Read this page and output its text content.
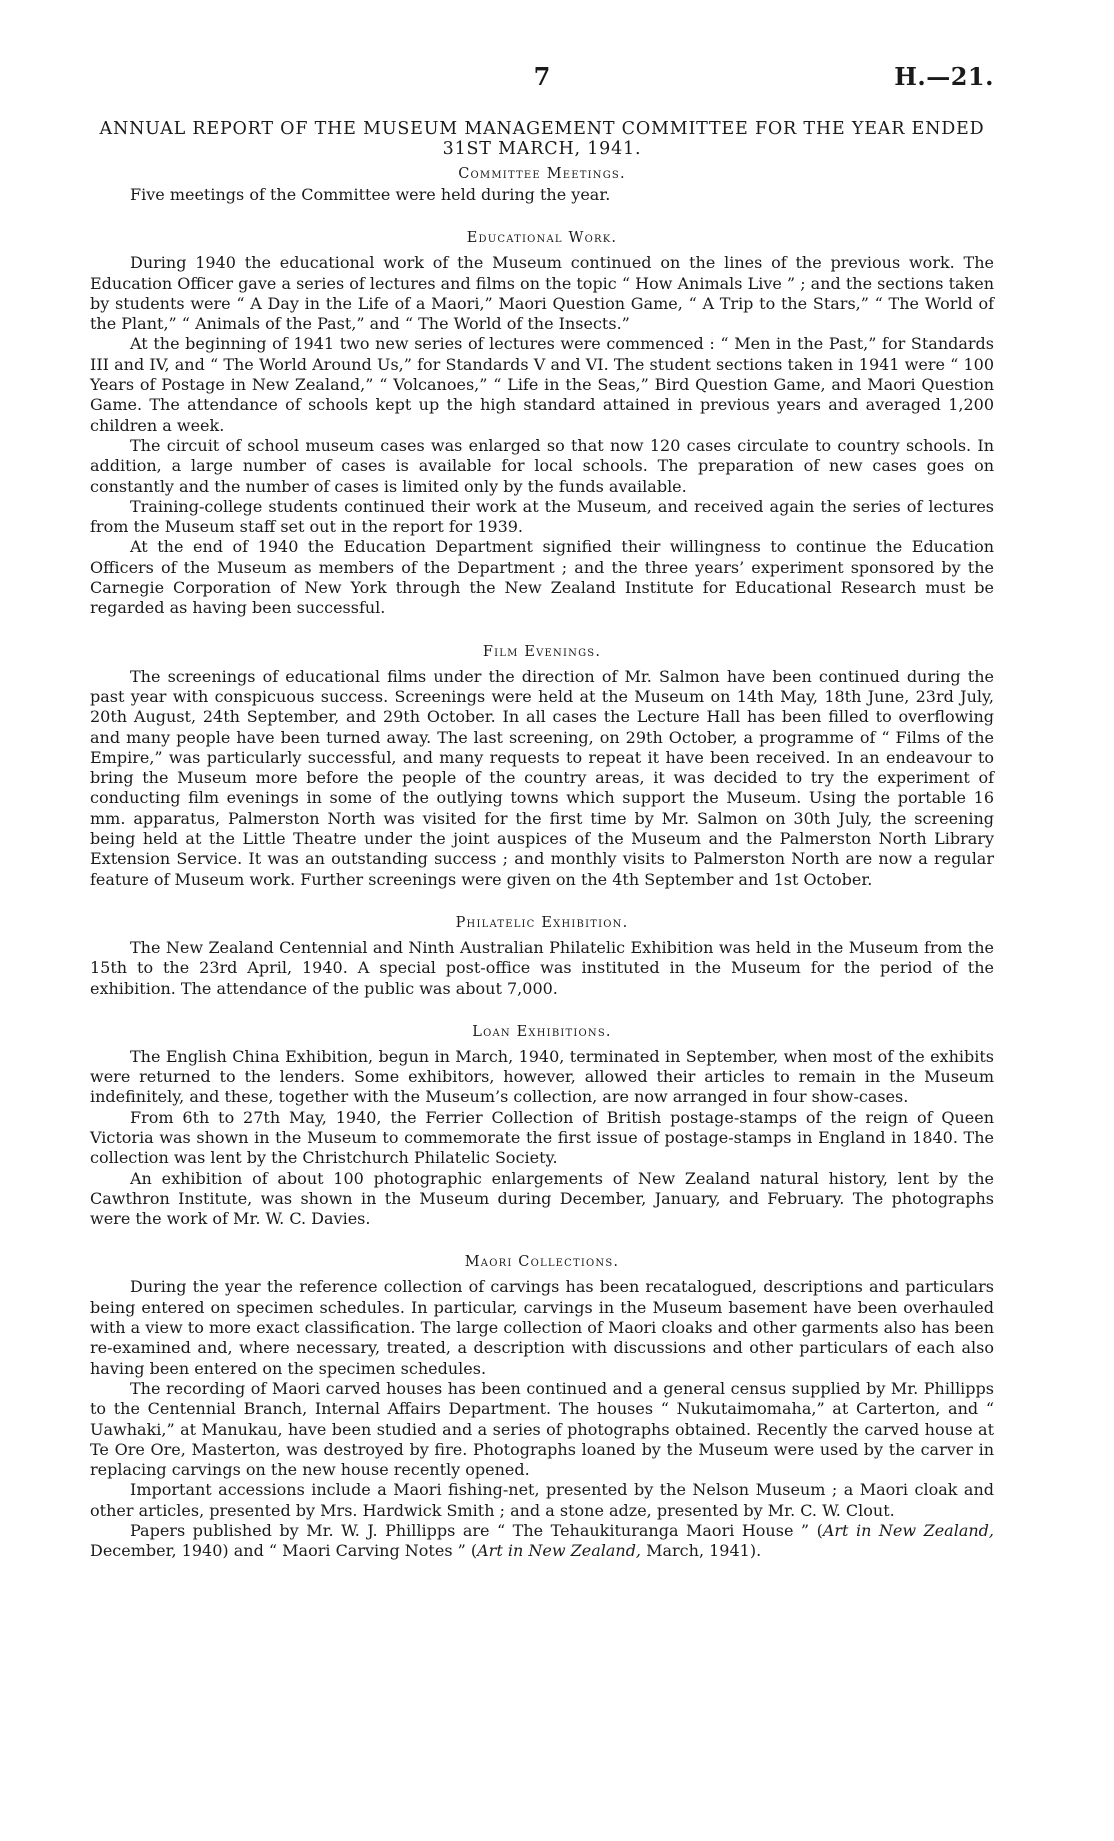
7	H.—21.
ANNUAL REPORT OF THE MUSEUM MANAGEMENT COMMITTEE FOR THE YEAR ENDED
31ST MARCH, 1941.
Committee Meetings.

Five meetings of the Committee were held during the year.

Educational Work.

During 1940 the educational work of the Museum continued on the lines of the previous work. The Education Officer gave a series of lectures and films on the topic “ How Animals Live ” ; and the sections taken by students were “ A Day in the Life of a Maori,” Maori Question Game, “ A Trip to the Stars,” “ The World of the Plant,” “ Animals of the Past,” and “ The World of the Insects.”

At the beginning of 1941 two new series of lectures were commenced : “ Men in the Past,” for Standards III and IV, and “ The World Around Us,” for Standards V and VI. The student sections taken in 1941 were “ 100 Years of Postage in New Zealand,” “ Volcanoes,” “ Life in the Seas,” Bird Question Game, and Maori Question Game. The attendance of schools kept up the high standard attained in previous years and averaged 1,200 children a week.

The circuit of school museum cases was enlarged so that now 120 cases circulate to country schools. In addition, a large number of cases is available for local schools. The preparation of new cases goes on constantly and the number of cases is limited only by the funds available.

Training-college students continued their work at the Museum, and received again the series of lectures from the Museum staff set out in the report for 1939.

At the end of 1940 the Education Department signified their willingness to continue the Education Officers of the Museum as members of the Department ; and the three years’ experiment sponsored by the Carnegie Corporation of New York through the New Zealand Institute for Educational Research must be regarded as having been successful.

Film Evenings.

The screenings of educational films under the direction of Mr. Salmon have been continued during the past year with conspicuous success. Screenings were held at the Museum on 14th May, 18th June, 23rd July, 20th August, 24th September, and 29th October. In all cases the Lecture Hall has been filled to overflowing and many people have been turned away. The last screening, on 29th October, a programme of “ Films of the Empire,” was particularly successful, and many requests to repeat it have been received. In an endeavour to bring the Museum more before the people of the country areas, it was decided to try the experiment of conducting film evenings in some of the outlying towns which support the Museum. Using the portable 16 mm. apparatus, Palmerston North was visited for the first time by Mr. Salmon on 30th July, the screening being held at the Little Theatre under the joint auspices of the Museum and the Palmerston North Library Extension Service. It was an outstanding success ; and monthly visits to Palmerston North are now a regular feature of Museum work. Further screenings were given on the 4th September and 1st October.

Philatelic Exhibition.

The New Zealand Centennial and Ninth Australian Philatelic Exhibition was held in the Museum from the 15th to the 23rd April, 1940. A special post-office was instituted in the Museum for the period of the exhibition. The attendance of the public was about 7,000.

Loan Exhibitions.

The English China Exhibition, begun in March, 1940, terminated in September, when most of the exhibits were returned to the lenders. Some exhibitors, however, allowed their articles to remain in the Museum indefinitely, and these, together with the Museum’s collection, are now arranged in four show-cases.

From 6th to 27th May, 1940, the Ferrier Collection of British postage-stamps of the reign of Queen Victoria was shown in the Museum to commemorate the first issue of postage-stamps in England in 1840. The collection was lent by the Christchurch Philatelic Society.

An exhibition of about 100 photographic enlargements of New Zealand natural history, lent by the Cawthron Institute, was shown in the Museum during December, January, and February. The photographs were the work of Mr. W. C. Davies.

Maori Collections.

During the year the reference collection of carvings has been recatalogued, descriptions and particulars being entered on specimen schedules. In particular, carvings in the Museum basement have been overhauled with a view to more exact classification. The large collection of Maori cloaks and other garments also has been re-examined and, where necessary, treated, a description with discussions and other particulars of each also having been entered on the specimen schedules.

The recording of Maori carved houses has been continued and a general census supplied by Mr. Phillipps to the Centennial Branch, Internal Affairs Department. The houses “ Nukutaimomaha,” at Carterton, and “ Uawhaki,” at Manukau, have been studied and a series of photographs obtained. Recently the carved house at Te Ore Ore, Masterton, was destroyed by fire. Photographs loaned by the Museum were used by the carver in replacing carvings on the new house recently opened.

Important accessions include a Maori fishing-net, presented by the Nelson Museum ; a Maori cloak and other articles, presented by Mrs. Hardwick Smith ; and a stone adze, presented by Mr. C. W. Clout.

Papers published by Mr. W. J. Phillipps are “ The Tehaukituranga Maori House ” (Art in New Zealand, December, 1940) and “ Maori Carving Notes ” (Art in New Zealand, March, 1941).
